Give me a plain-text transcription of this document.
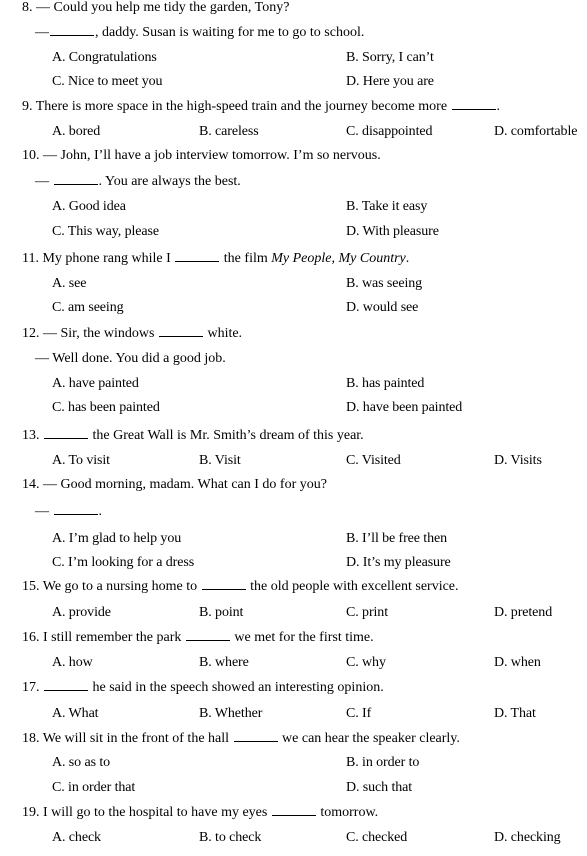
8. — Could you help me tidy the garden, Tony?
—	, daddy. Susan is waiting for me to go to school.
A. Congratulations	B. Sorry, I can’t
C. Nice to meet you	D. Here you are
9. There is more space in the high-speed train and the journey become more	.
A. bored	B. careless	C. disappointed	D. comfortable
10. — John, I’ll have a job interview tomorrow. I’m so nervous.
—	. You are always the best.
A. Good idea	B. Take it easy
C. This way, please	D. With pleasure
11. My phone rang while I	the film My People, My Country.
A. see	B. was seeing
C. am seeing	D. would see
12. — Sir, the windows	white.
— Well done. You did a good job.
A. have painted	B. has painted
C. has been painted	D. have been painted
13.	the Great Wall is Mr. Smith’s dream of this year.
A. To visit	B. Visit	C. Visited	D. Visits
14. — Good morning, madam. What can I do for you?
—	.
A. I’m glad to help you	B. I’ll be free then
C. I’m looking for a dress	D. It’s my pleasure
15. We go to a nursing home to	the old people with excellent service.
A. provide	B. point	C. print	D. pretend
16. I still remember the park	we met for the first time.
A. how	B. where	C. why	D. when
17.	he said in the speech showed an interesting opinion.
A. What	B. Whether	C. If	D. That
18. We will sit in the front of the hall	we can hear the speaker clearly.
A. so as to	B. in order to
C. in order that	D. such that
19. I will go to the hospital to have my eyes	tomorrow.
A. check	B. to check	C. checked	D. checking
